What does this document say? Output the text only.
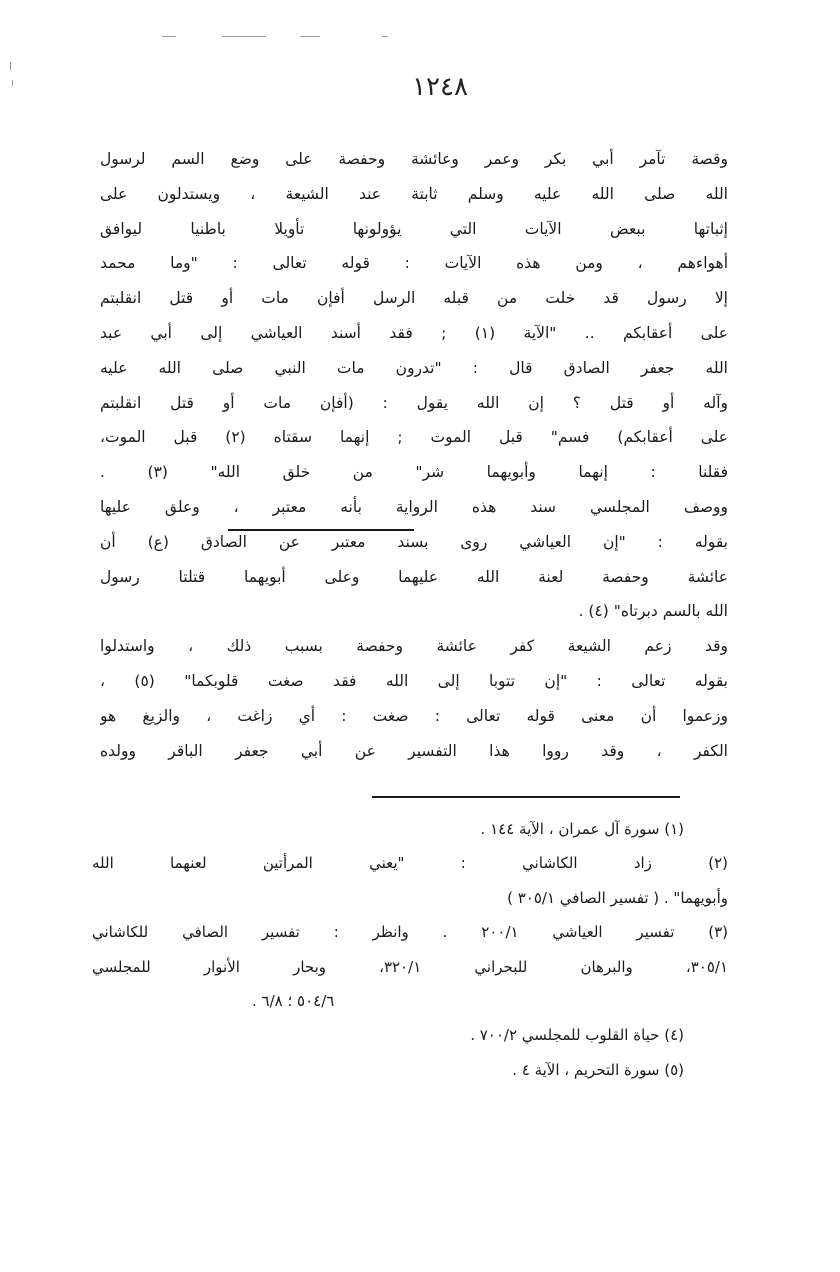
١٢٤٨
وقصة تآمر أبي بكر وعمر وعائشة وحفصة على وضع السم لرسول
الله صلى الله عليه وسلم ثابتة عند الشيعة ، ويستدلون على
إثباتها ببعض الآيات التي يؤولونها تأويلا باطنيا ليوافق
أهواءهم ، ومن هذه الآيات : قوله تعالى : "وما محمد
إلا رسول قد خلت من قبله الرسل أفإن مات أو قتل انقلبتم
على أعقابكم .. "الآية (١) ; فقد أسند العياشي إلى أبي عبد
الله جعفر الصادق قال : "تدرون مات النبي صلى الله عليه
وآله أو قتل ؟ إن الله يقول : (أفإن مات أو قتل انقلبتم
على أعقابكم) فسم" قبل الموت ; إنهما سقتاه (٢) قبل الموت،
فقلنا : إنهما وأبويهما شر" من خلق الله" (٣) .
ووصف المجلسي سند هذه الرواية بأنه معتبر ، وعلق عليها
بقوله : "إن العياشي روى بسند معتبر عن الصادق (ع) أن
عائشة وحفصة لعنة الله عليهما وعلى أبويهما قتلتا رسول
الله بالسم دبرتاه" (٤) .
وقد زعم الشيعة كفر عائشة وحفصة بسبب ذلك ، واستدلوا
بقوله تعالى : "إن تتوبا إلى الله فقد صغت قلوبكما" (٥) ،
وزعموا أن معنى قوله تعالى : صغت : أي زاغت ، والزيغ هو
الكفر ، وقد رووا هذا التفسير عن أبي جعفر الباقر وولده
(١) سورة آل عمران ، الآية ١٤٤ .
(٢) زاد الكاشاني : "يعني المرأتين لعنهما الله
وأبويهما" . ( تفسير الصافي ٣٠٥/١ )
(٣) تفسير العياشي ٢٠٠/١ . وانظر : تفسير الصافي للكاشاني
٣٠٥/١، والبرهان للبحراني ٣٢٠/١، وبحار الأنوار للمجلسي
٥٠٤/٦ ؛ ٦/٨ .
(٤) حياة القلوب للمجلسي ٧٠٠/٢ .
(٥) سورة التحريم ، الآية ٤ .
